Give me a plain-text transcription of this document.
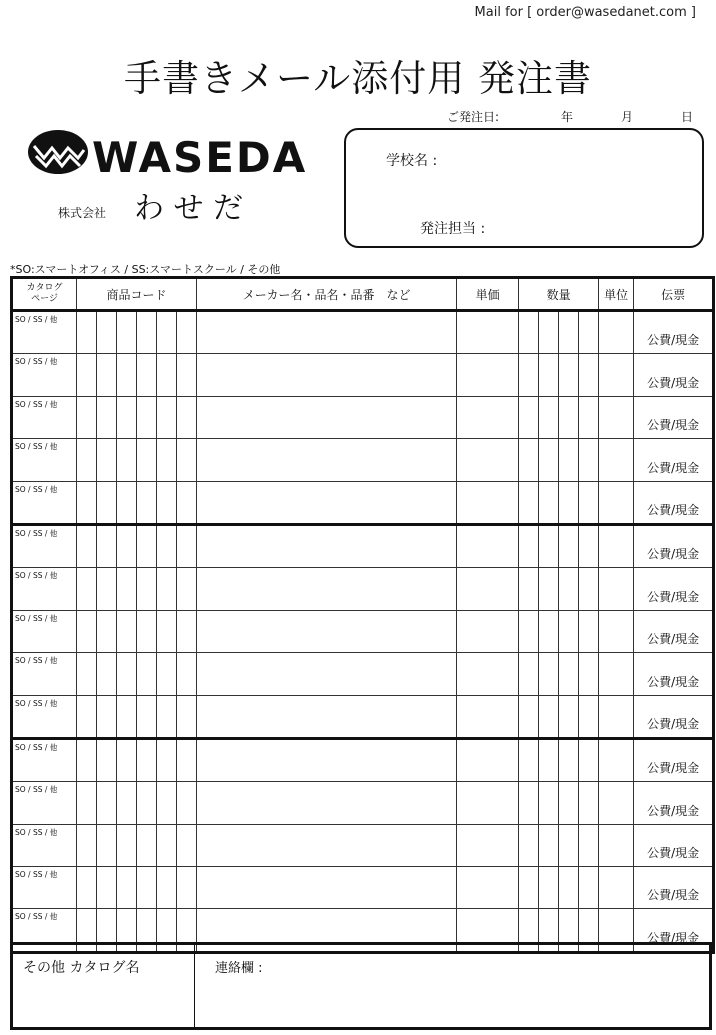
Mail for [ order@wasedanet.com ]
手書きメール添付用 発注書
ご発注日:	年	月	日
WASEDA
株式会社 わ せ だ
学校名 :
発注担当 :
*SO:スマートオフィス / SS:スマートスクール / その他
カタログ
ページ	商品コード						メーカー名・品名・品番　など	単価	数量				単位	伝票

SO / SS / 他														公費/現金

SO / SS / 他														公費/現金

SO / SS / 他														公費/現金

SO / SS / 他														公費/現金

SO / SS / 他														公費/現金

SO / SS / 他														公費/現金

SO / SS / 他														公費/現金

SO / SS / 他														公費/現金

SO / SS / 他														公費/現金

SO / SS / 他														公費/現金

SO / SS / 他														公費/現金

SO / SS / 他														公費/現金

SO / SS / 他														公費/現金

SO / SS / 他														公費/現金

SO / SS / 他														公費/現金
その他 カタログ名	連絡欄 :
